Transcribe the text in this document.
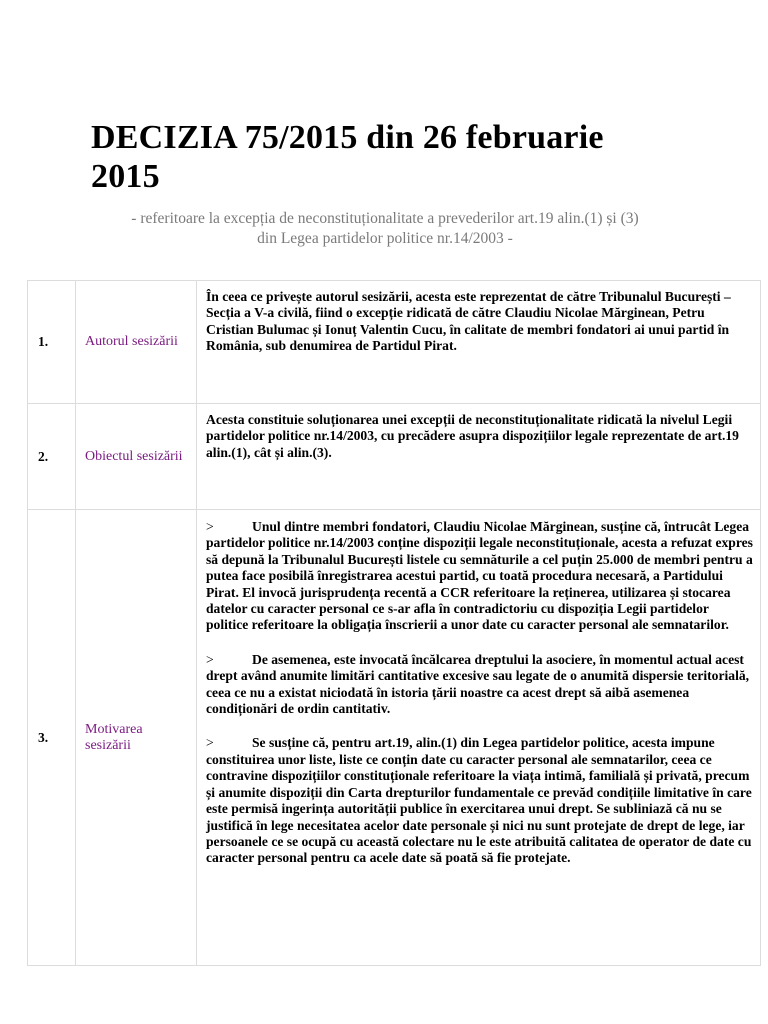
DECIZIA 75/2015 din 26 februarie 2015
- referitoare la excepția de neconstituționalitate a prevederilor art.19 alin.(1) și (3)
din Legea partidelor politice nr.14/2003 -
1.	Autorul sesizării	În ceea ce privește autorul sesizării, acesta este reprezentat de către Tribunalul București – Secția a V-a civilă, fiind o excepție ridicată de către Claudiu Nicolae Mărginean, Petru Cristian Bulumac și Ionuț Valentin Cucu, în calitate de membri fondatori ai unui partid în România, sub denumirea de Partidul Pirat.
2.	Obiectul sesizării	Acesta constituie soluționarea unei excepții de neconstituționalitate ridicată la nivelul Legii partidelor politice nr.14/2003, cu precădere asupra dispozițiilor legale reprezentate de art.19 alin.(1), cât și alin.(3).
3.	Motivarea sesizării	> Unul dintre membri fondatori, Claudiu Nicolae Mărginean, susține că, întrucât Legea partidelor politice nr.14/2003 conține dispoziții legale neconstituționale, acesta a refuzat expres să depună la Tribunalul București listele cu semnăturile a cel puțin 25.000 de membri pentru a putea face posibilă înregistrarea acestui partid, cu toată procedura necesară, a Partidului Pirat. El invocă jurisprudența recentă a CCR referitoare la reținerea, utilizarea și stocarea datelor cu caracter personal ce s-ar afla în contradictoriu cu dispoziția Legii partidelor politice referitoare la obligația înscrierii a unor date cu caracter personal ale semnatarilor.

> De asemenea, este invocată încălcarea dreptului la asociere, în momentul actual acest drept având anumite limitări cantitative excesive sau legate de o anumită dispersie teritorială, ceea ce nu a existat niciodată în istoria țării noastre ca acest drept să aibă asemenea condiționări de ordin cantitativ.

> Se susține că, pentru art.19, alin.(1) din Legea partidelor politice, acesta impune constituirea unor liste, liste ce conțin date cu caracter personal ale semnatarilor, ceea ce contravine dispozițiilor constituționale referitoare la viața intimă, familială și privată, precum și anumite dispoziții din Carta drepturilor fundamentale ce prevăd condițiile limitative în care este permisă ingerința autorității publice în exercitarea unui drept. Se subliniază că nu se justifică în lege necesitatea acelor date personale și nici nu sunt protejate de drept de lege, iar persoanele ce se ocupă cu această colectare nu le este atribuită calitatea de operator de date cu caracter personal pentru ca acele date să poată să fie protejate.
